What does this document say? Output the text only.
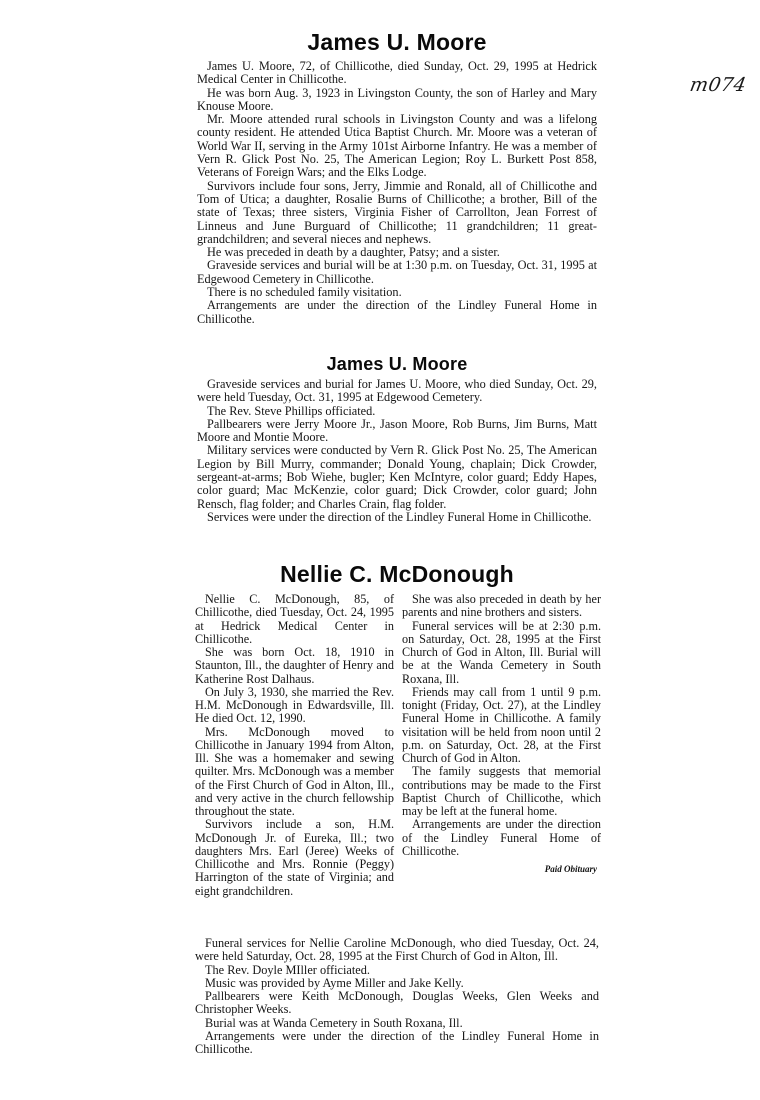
m074
James U. Moore

James U. Moore, 72, of Chillicothe, died Sunday, Oct. 29, 1995 at Hedrick Medical Center in Chillicothe.

He was born Aug. 3, 1923 in Livingston County, the son of Harley and Mary Knouse Moore.

Mr. Moore attended rural schools in Livingston County and was a lifelong county resident. He attended Utica Baptist Church. Mr. Moore was a veteran of World War II, serving in the Army 101st Airborne Infantry. He was a member of Vern R. Glick Post No. 25, The American Legion; Roy L. Burkett Post 858, Veterans of Foreign Wars; and the Elks Lodge.

Survivors include four sons, Jerry, Jimmie and Ronald, all of Chillicothe and Tom of Utica; a daughter, Rosalie Burns of Chillicothe; a brother, Bill of the state of Texas; three sisters, Virginia Fisher of Carrollton, Jean Forrest of Linneus and June Burguard of Chillicothe; 11 grandchildren; 11 great-grandchildren; and several nieces and nephews.

He was preceded in death by a daughter, Patsy; and a sister.

Graveside services and burial will be at 1:30 p.m. on Tuesday, Oct. 31, 1995 at Edgewood Cemetery in Chillicothe.

There is no scheduled family visitation.

Arrangements are under the direction of the Lindley Funeral Home in Chillicothe.

James U. Moore

Graveside services and burial for James U. Moore, who died Sunday, Oct. 29, were held Tuesday, Oct. 31, 1995 at Edgewood Cemetery.

The Rev. Steve Phillips officiated.

Pallbearers were Jerry Moore Jr., Jason Moore, Rob Burns, Jim Burns, Matt Moore and Montie Moore.

Military services were conducted by Vern R. Glick Post No. 25, The American Legion by Bill Murry, commander; Donald Young, chaplain; Dick Crowder, sergeant-at-arms; Bob Wiehe, bugler; Ken McIntyre, color guard; Eddy Hapes, color guard; Mac McKenzie, color guard; Dick Crowder, color guard; John Rensch, flag folder; and Charles Crain, flag folder.

Services were under the direction of the Lindley Funeral Home in Chillicothe.

Nellie C. McDonough

Nellie C. McDonough, 85, of Chillicothe, died Tuesday, Oct. 24, 1995 at Hedrick Medical Center in Chillicothe.

She was born Oct. 18, 1910 in Staunton, Ill., the daughter of Henry and Katherine Rost Dalhaus.

On July 3, 1930, she married the Rev. H.M. McDonough in Edwardsville, Ill. He died Oct. 12, 1990.

Mrs. McDonough moved to Chillicothe in January 1994 from Alton, Ill. She was a homemaker and sewing quilter. Mrs. McDonough was a member of the First Church of God in Alton, Ill., and very active in the church fellowship throughout the state.

Survivors include a son, H.M. McDonough Jr. of Eureka, Ill.; two daughters Mrs. Earl (Jeree) Weeks of Chillicothe and Mrs. Ronnie (Peggy) Harrington of the state of Virginia; and eight grandchildren.

She was also preceded in death by her parents and nine brothers and sisters.

Funeral services will be at 2:30 p.m. on Saturday, Oct. 28, 1995 at the First Church of God in Alton, Ill. Burial will be at the Wanda Cemetery in South Roxana, Ill.

Friends may call from 1 until 9 p.m. tonight (Friday, Oct. 27), at the Lindley Funeral Home in Chillicothe. A family visitation will be held from noon until 2 p.m. on Saturday, Oct. 28, at the First Church of God in Alton.

The family suggests that memorial contributions may be made to the First Baptist Church of Chillicothe, which may be left at the funeral home.

Arrangements are under the direction of the Lindley Funeral Home of Chillicothe.

Paid Obituary

Funeral services for Nellie Caroline McDonough, who died Tuesday, Oct. 24, were held Saturday, Oct. 28, 1995 at the First Church of God in Alton, Ill.

The Rev. Doyle MIller officiated.

Music was provided by Ayme Miller and Jake Kelly.

Pallbearers were Keith McDonough, Douglas Weeks, Glen Weeks and Christopher Weeks.

Burial was at Wanda Cemetery in South Roxana, Ill.

Arrangements were under the direction of the Lindley Funeral Home in Chillicothe.
